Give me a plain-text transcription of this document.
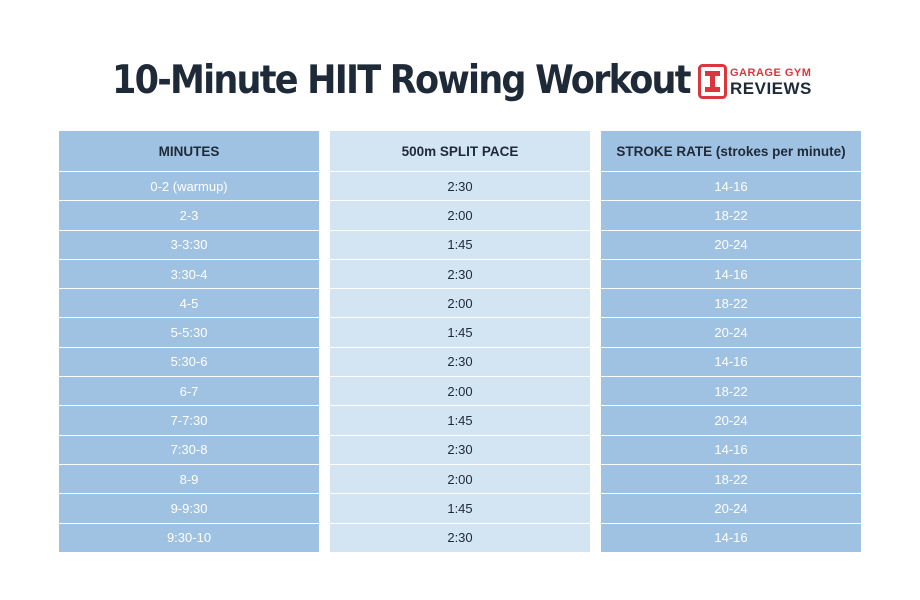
10-Minute HIIT Rowing Workout	GARAGE GYM
REVIEWS
MINUTES
0-2 (warmup)
2-3
3-3:30
3:30-4
4-5
5-5:30
5:30-6
6-7
7-7:30
7:30-8
8-9
9-9:30
9:30-10
500m SPLIT PACE
2:30
2:00
1:45
2:30
2:00
1:45
2:30
2:00
1:45
2:30
2:00
1:45
2:30
STROKE RATE (strokes per minute)
14-16
18-22
20-24
14-16
18-22
20-24
14-16
18-22
20-24
14-16
18-22
20-24
14-16
